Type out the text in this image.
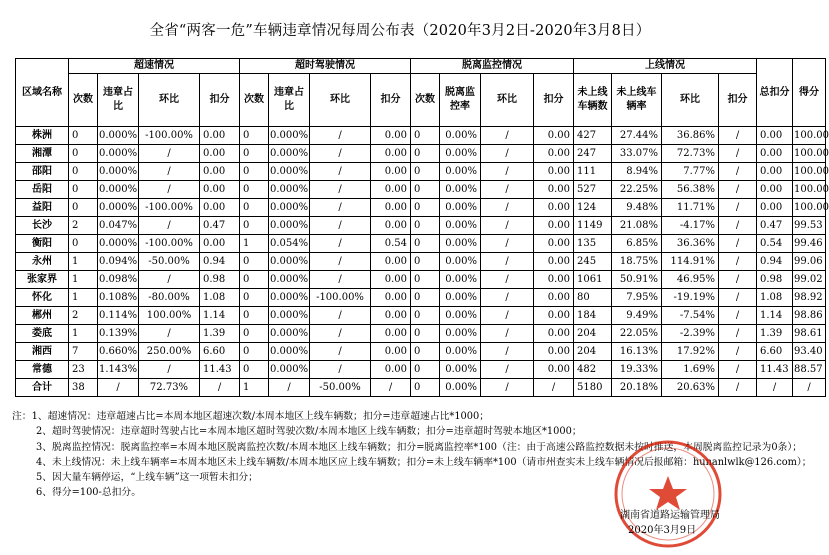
全省“两客一危”车辆违章情况每周公布表（2020年3月2日-2020年3月8日）
区域名称	超速情况				超时驾驶情况				脱离监控情况				上线情况				总扣分	得分
	次数	违章占比	环比	扣分	次数	违章占比	环比	扣分	次数	脱离监控率	环比	扣分	未上线车辆数	未上线车辆率	环比	扣分		
株洲	0	0.000%	-100.00%	0.00	0	0.000%	/	0.00	0	0.00%	/	0.00	427	27.44%	36.86%	/	0.00	100.00
湘潭	0	0.000%	/	0.00	0	0.000%	/	0.00	0	0.00%	/	0.00	247	33.07%	72.73%	/	0.00	100.00
邵阳	0	0.000%	/	0.00	0	0.000%	/	0.00	0	0.00%	/	0.00	111	8.94%	7.77%	/	0.00	100.00
岳阳	0	0.000%	/	0.00	0	0.000%	/	0.00	0	0.00%	/	0.00	527	22.25%	56.38%	/	0.00	100.00
益阳	0	0.000%	-100.00%	0.00	0	0.000%	/	0.00	0	0.00%	/	0.00	124	9.48%	11.71%	/	0.00	100.00
长沙	2	0.047%	/	0.47	0	0.000%	/	0.00	0	0.00%	/	0.00	1149	21.08%	-4.17%	/	0.47	99.53
衡阳	0	0.000%	-100.00%	0.00	1	0.054%	/	0.54	0	0.00%	/	0.00	135	6.85%	36.36%	/	0.54	99.46
永州	1	0.094%	-50.00%	0.94	0	0.000%	/	0.00	0	0.00%	/	0.00	245	18.75%	114.91%	/	0.94	99.06
张家界	1	0.098%	/	0.98	0	0.000%	/	0.00	0	0.00%	/	0.00	1061	50.91%	46.95%	/	0.98	99.02
怀化	1	0.108%	-80.00%	1.08	0	0.000%	-100.00%	0.00	0	0.00%	/	0.00	80	7.95%	-19.19%	/	1.08	98.92
郴州	2	0.114%	100.00%	1.14	0	0.000%	/	0.00	0	0.00%	/	0.00	184	9.49%	-7.54%	/	1.14	98.86
娄底	1	0.139%	/	1.39	0	0.000%	/	0.00	0	0.00%	/	0.00	204	22.05%	-2.39%	/	1.39	98.61
湘西	7	0.660%	250.00%	6.60	0	0.000%	/	0.00	0	0.00%	/	0.00	204	16.13%	17.92%	/	6.60	93.40
常德	23	1.143%	/	11.43	0	0.000%	/	0.00	0	0.00%	/	0.00	482	19.33%	1.69%	/	11.43	88.57
合计	38	/	72.73%	/	1	/	-50.00%	/	0	0.00%	/	/	5180	20.18%	20.63%	/	/	/
注：1、超速情况：违章超速占比=本周本地区超速次数/本周本地区上线车辆数；扣分=违章超速占比*1000；
2、超时驾驶情况：违章超时驾驶占比=本周本地区超时驾驶次数/本周本地区上线车辆数；扣分=违章超时驾驶本地区*1000；
3、脱离监控情况：脱离监控率=本周本地区脱离监控次数/本周本地区上线车辆数；扣分=脱离监控率*100（注：由于高速公路监控数据未按时推送，本周脱离监控记录为0条）；
4、未上线情况：未上线车辆率=本周本地区未上线车辆数/本周本地区应上线车辆数；扣分=未上线车辆率*100（请市州查实未上线车辆情况后报邮箱：hunanlwlk@126.com）；
5、因大量车辆停运，“上线车辆”这一项暂未扣分；
6、得分=100-总扣分。
湖南省道路运输管理局
2020年3月9日
